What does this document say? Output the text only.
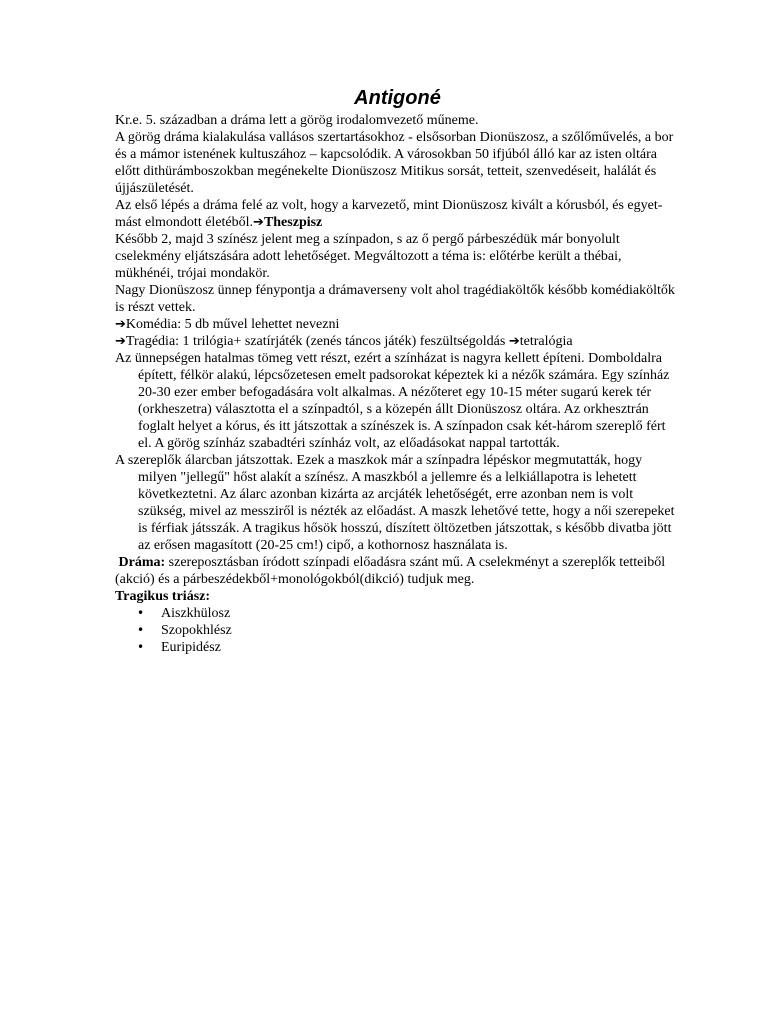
Antigoné

Kr.e. 5. században a dráma lett a görög irodalomvezető műneme.

A görög dráma kialakulása vallásos szertartásokhoz - elsősorban Dionüszosz, a szőlőművelés, a bor és a mámor istenének kultuszához – kapcsolódik. A városokban 50 ifjúból álló kar az isten oltára előtt dithürámboszokban megénekelte Dionüszosz Mitikus sorsát, tetteit, szenvedéseit, halálát és újjászületését.

Az első lépés a dráma felé az volt, hogy a karvezető, mint Dionüszosz kivált a kórusból, és egyet-mást elmondott életéből.➔Theszpisz

Később 2, majd 3 színész jelent meg a színpadon, s az ő pergő párbeszédük már bonyolult cselekmény eljátszására adott lehetőséget. Megváltozott a téma is: előtérbe került a thébai, mükhénéi, trójai mondakör.

Nagy Dionüszosz ünnep fénypontja a drámaverseny volt ahol tragédiaköltők később komédiaköltők is részt vettek.

➔Komédia: 5 db művel lehettet nevezni

➔Tragédia: 1 trilógia+ szatírjáték (zenés táncos játék) feszültségoldás ➔tetralógia

Az ünnepségen hatalmas tömeg vett részt, ezért a színházat is nagyra kellett építeni. Domboldalra épített, félkör alakú, lépcsőzetesen emelt padsorokat képeztek ki a nézők számára. Egy színház 20-30 ezer ember befogadására volt alkalmas. A nézőteret egy 10-15 méter sugarú kerek tér (orkheszetra) választotta el a színpadtól, s a közepén állt Dionüszosz oltára. Az orkhesztrán foglalt helyet a kórus, és itt játszottak a színészek is. A színpadon csak két-három szereplő fért el. A görög színház szabadtéri színház volt, az előadásokat nappal tartották.

A szereplők álarcban játszottak. Ezek a maszkok már a színpadra lépéskor megmutatták, hogy milyen "jellegű" hőst alakít a színész. A maszkból a jellemre és a lelkiállapotra is lehetett következtetni. Az álarc azonban kizárta az arcjáték lehetőségét, erre azonban nem is volt szükség, mivel az messziről is nézték az előadást. A maszk lehetővé tette, hogy a női szerepeket is férfiak játsszák. A tragikus hősök hosszú, díszített öltözetben játszottak, s később divatba jött az erősen magasított (20-25 cm!) cipő, a kothornosz használata is.

Dráma: szereposztásban íródott színpadi előadásra szánt mű. A cselekményt a szereplők tetteiből (akció) és a párbeszédekből+monológokból(dikció) tudjuk meg.

Tragikus triász:

• Aiszkhülosz
• Szopokhlész
• Euripidész
